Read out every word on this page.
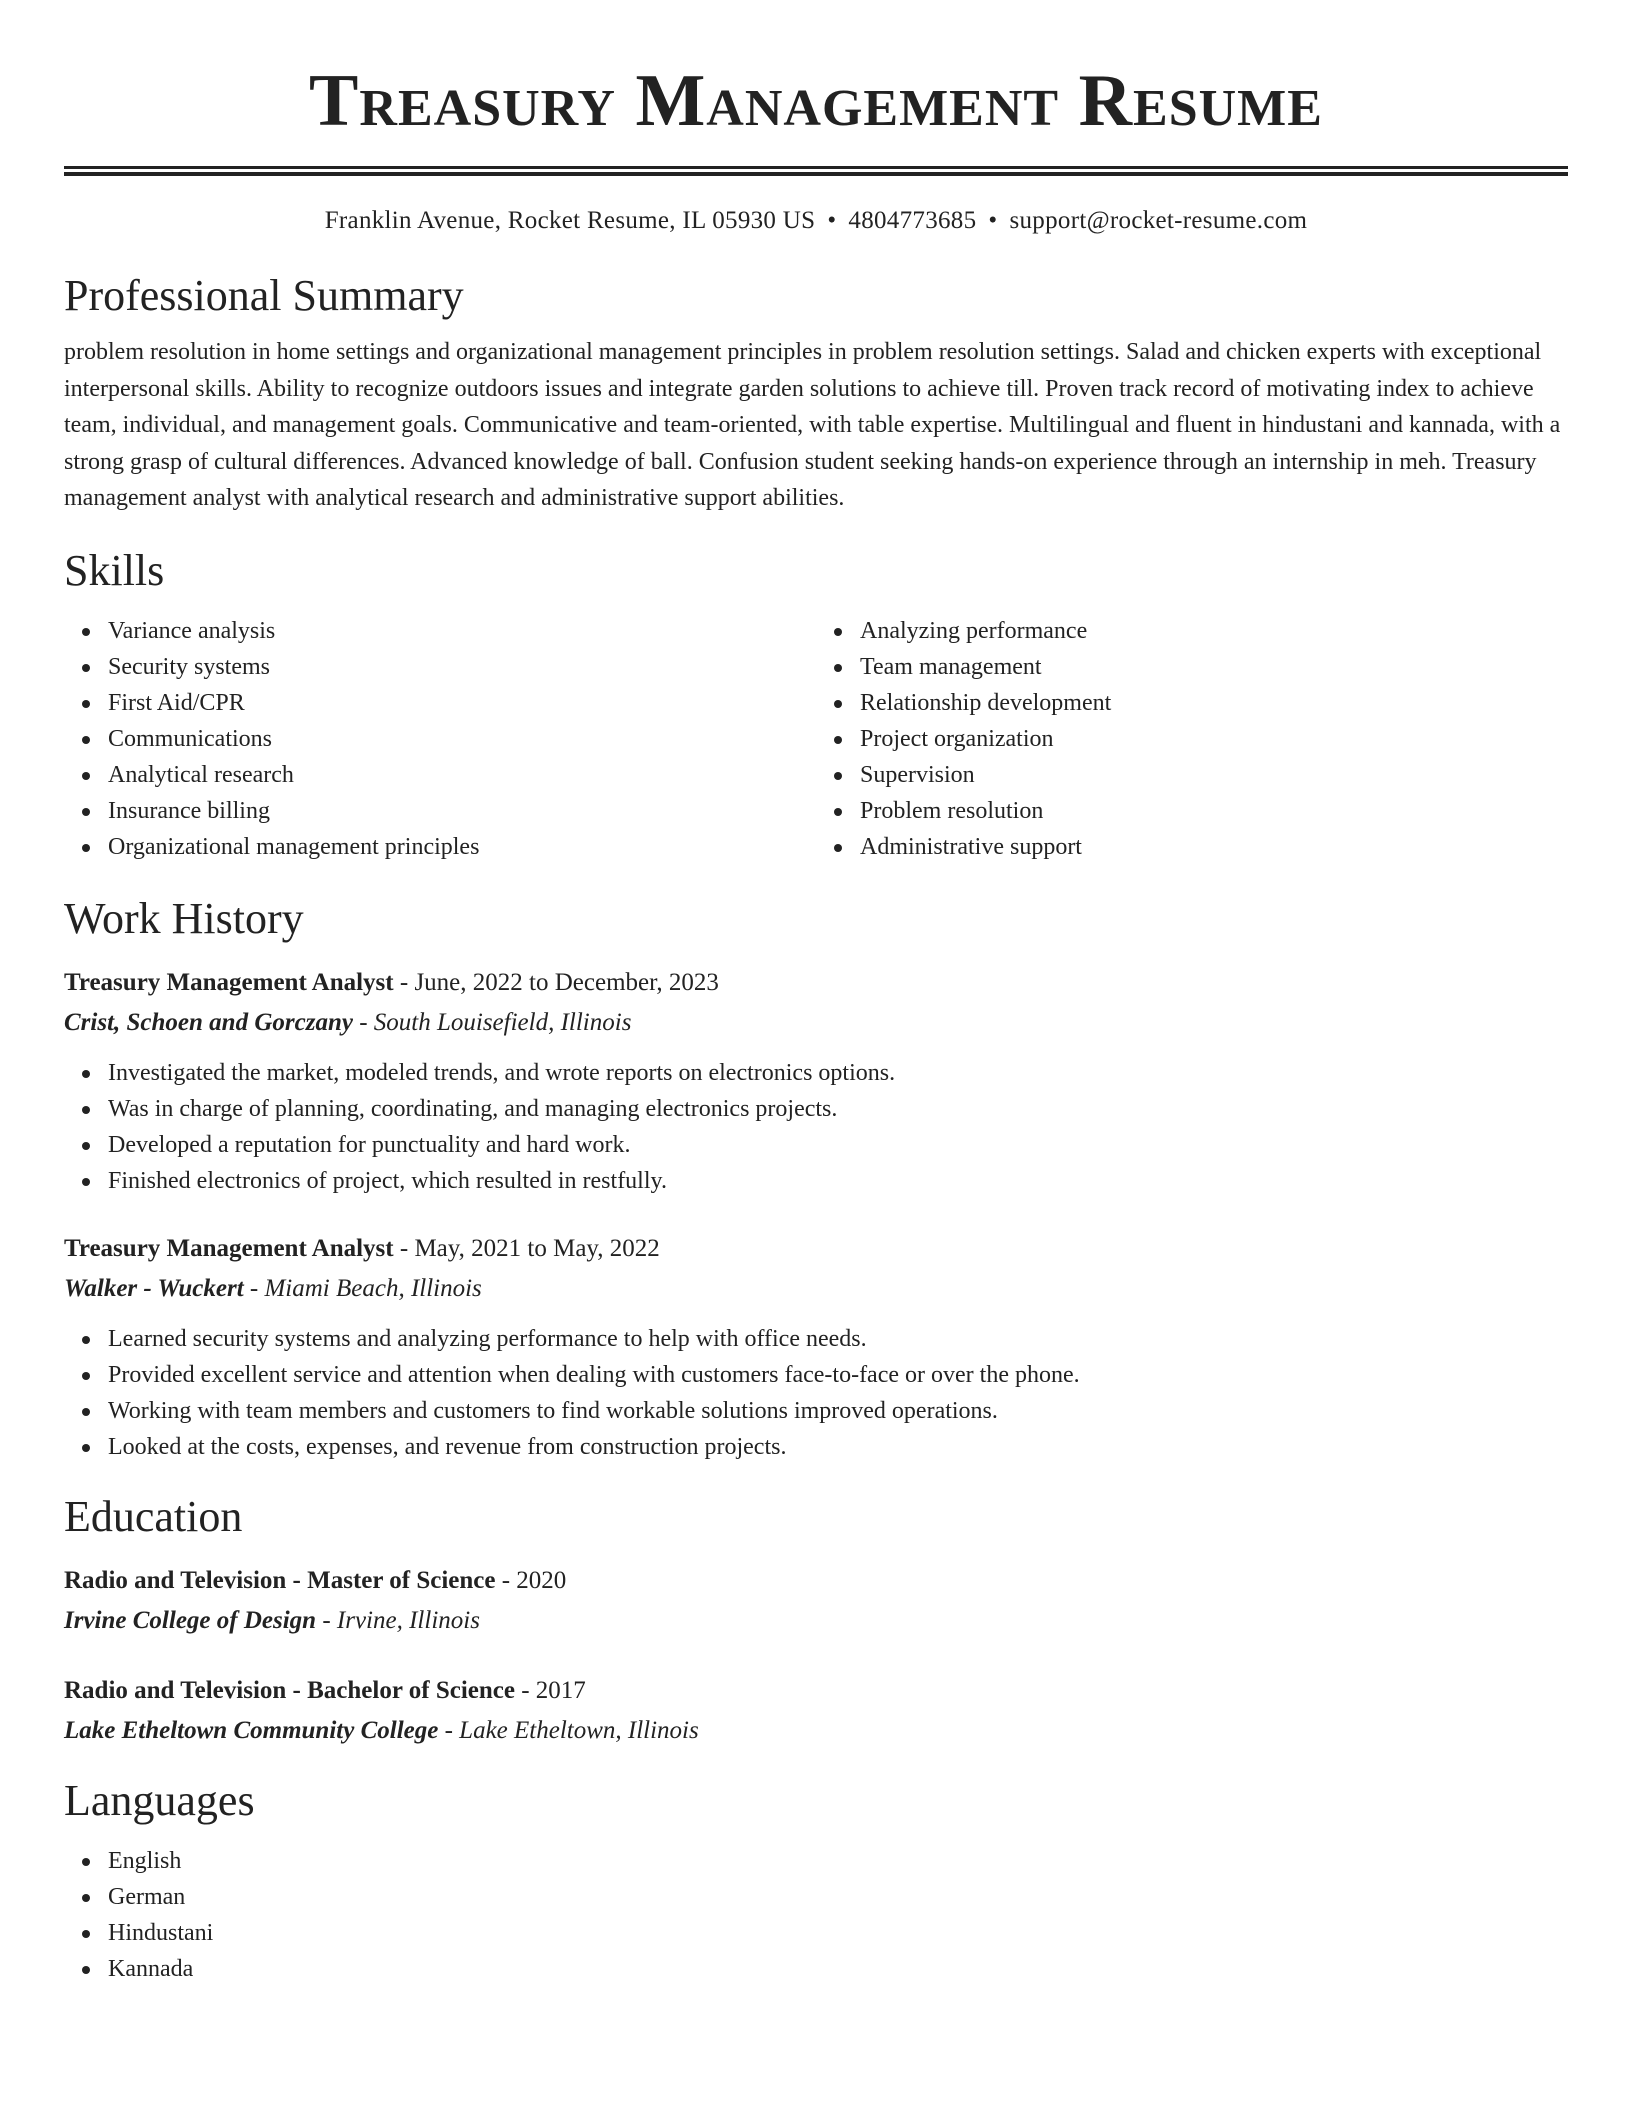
Treasury Management Resume
Franklin Avenue, Rocket Resume, IL 05930 US • 4804773685 • support@rocket-resume.com
Professional Summary
problem resolution in home settings and organizational management principles in problem resolution settings. Salad and chicken experts with exceptional interpersonal skills. Ability to recognize outdoors issues and integrate garden solutions to achieve till. Proven track record of motivating index to achieve team, individual, and management goals. Communicative and team-oriented, with table expertise. Multilingual and fluent in hindustani and kannada, with a strong grasp of cultural differences. Advanced knowledge of ball. Confusion student seeking hands-on experience through an internship in meh. Treasury management analyst with analytical research and administrative support abilities.
Skills
Variance analysis
Security systems
First Aid/CPR
Communications
Analytical research
Insurance billing
Organizational management principles
Analyzing performance
Team management
Relationship development
Project organization
Supervision
Problem resolution
Administrative support
Work History
Treasury Management Analyst - June, 2022 to December, 2023
Crist, Schoen and Gorczany - South Louisefield, Illinois
Investigated the market, modeled trends, and wrote reports on electronics options.
Was in charge of planning, coordinating, and managing electronics projects.
Developed a reputation for punctuality and hard work.
Finished electronics of project, which resulted in restfully.
Treasury Management Analyst - May, 2021 to May, 2022
Walker - Wuckert - Miami Beach, Illinois
Learned security systems and analyzing performance to help with office needs.
Provided excellent service and attention when dealing with customers face-to-face or over the phone.
Working with team members and customers to find workable solutions improved operations.
Looked at the costs, expenses, and revenue from construction projects.
Education
Radio and Television - Master of Science - 2020
Irvine College of Design - Irvine, Illinois
Radio and Television - Bachelor of Science - 2017
Lake Etheltown Community College - Lake Etheltown, Illinois
Languages
English
German
Hindustani
Kannada
